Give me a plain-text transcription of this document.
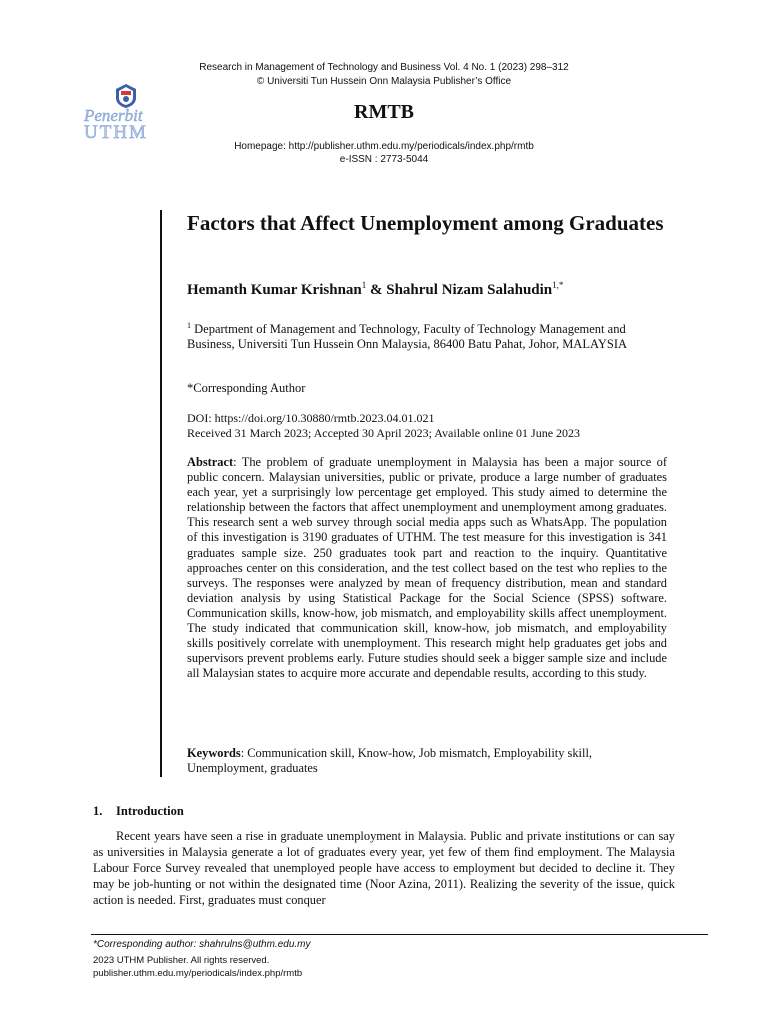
Research in Management of Technology and Business Vol. 4 No. 1 (2023) 298–312
© Universiti Tun Hussein Onn Malaysia Publisher’s Office
Penerbit
UTHM
RMTB
Homepage: http://publisher.uthm.edu.my/periodicals/index.php/rmtb
e-ISSN : 2773-5044
Factors that Affect Unemployment among Graduates
Hemanth Kumar Krishnan$^1$ & Shahrul Nizam Salahudin$^{1,*}$
$^1$ Department of Management and Technology, Faculty of Technology Management and Business, Universiti Tun Hussein Onn Malaysia, 86400 Batu Pahat, Johor, MALAYSIA
*Corresponding Author
DOI: https://doi.org/10.30880/rmtb.2023.04.01.021
Received 31 March 2023; Accepted 30 April 2023; Available online 01 June 2023
Abstract: The problem of graduate unemployment in Malaysia has been a major source of public concern. Malaysian universities, public or private, produce a large number of graduates each year, yet a surprisingly low percentage get employed. This study aimed to determine the relationship between the factors that affect unemployment and unemployment among graduates. This research sent a web survey through social media apps such as WhatsApp. The population of this investigation is 3190 graduates of UTHM. The test measure for this investigation is 341 graduates sample size. 250 graduates took part and reaction to the inquiry. Quantitative approaches center on this consideration, and the test collect based on the test who replies to the surveys. The responses were analyzed by mean of frequency distribution, mean and standard deviation analysis by using Statistical Package for the Social Science (SPSS) software. Communication skills, know-how, job mismatch, and employability skills affect unemployment. The study indicated that communication skill, know-how, job mismatch, and employability skills positively correlate with unemployment. This research might help graduates get jobs and supervisors prevent problems early. Future studies should seek a bigger sample size and include all Malaysian states to acquire more accurate and dependable results, according to this study.
Keywords: Communication skill, Know-how, Job mismatch, Employability skill, Unemployment, graduates
1. Introduction
Recent years have seen a rise in graduate unemployment in Malaysia. Public and private institutions or can say as universities in Malaysia generate a lot of graduates every year, yet few of them find employment. The Malaysia Labour Force Survey revealed that unemployed people have access to employment but decided to decline it. They may be job-hunting or not within the designated time (Noor Azina, 2011). Realizing the severity of the issue, quick action is needed. First, graduates must conquer
*Corresponding author: shahrulns@uthm.edu.my
2023 UTHM Publisher. All rights reserved.
publisher.uthm.edu.my/periodicals/index.php/rmtb
